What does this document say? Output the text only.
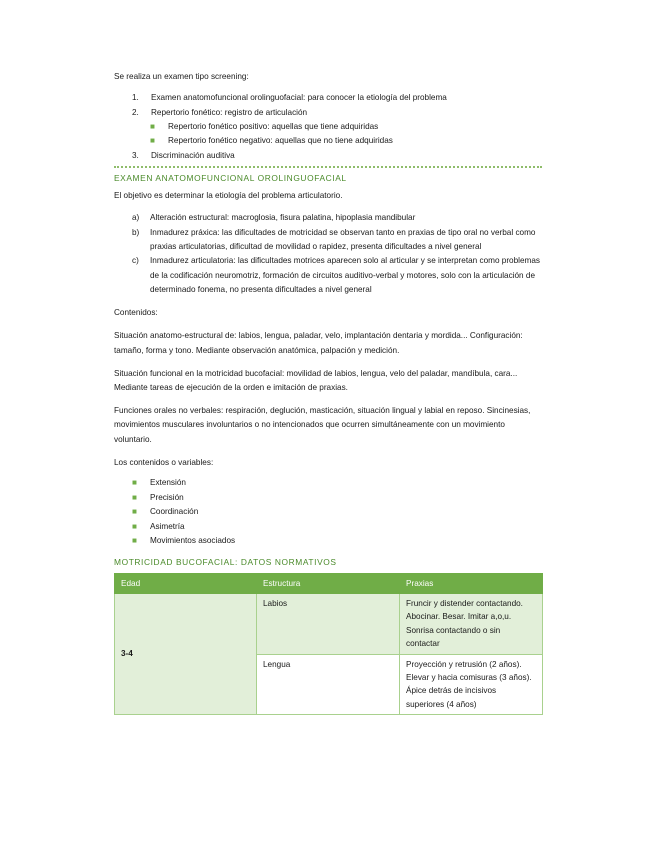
Se realiza un examen tipo screening:

1. Examen anatomofuncional orolinguofacial: para conocer la etiología del problema
2. Repertorio fonético: registro de articulación
■ Repertorio fonético positivo: aquellas que tiene adquiridas
■ Repertorio fonético negativo: aquellas que no tiene adquiridas
3. Discriminación auditiva
EXAMEN ANATOMOFUNCIONAL OROLINGUOFACIAL

El objetivo es determinar la etiología del problema articulatorio.

a) Alteración estructural: macroglosia, fisura palatina, hipoplasia mandibular
b) Inmadurez práxica: las dificultades de motricidad se observan tanto en praxias de tipo oral no verbal como praxias articulatorias, dificultad de movilidad o rapidez, presenta dificultades a nivel general
c) Inmadurez articulatoria: las dificultades motrices aparecen solo al articular y se interpretan como problemas de la codificación neuromotriz, formación de circuitos auditivo-verbal y motores, solo con la articulación de determinado fonema, no presenta dificultades a nivel general

Contenidos:

Situación anatomo-estructural de: labios, lengua, paladar, velo, implantación dentaria y mordida... Configuración: tamaño, forma y tono. Mediante observación anatómica, palpación y medición.

Situación funcional en la motricidad bucofacial: movilidad de labios, lengua, velo del paladar, mandíbula, cara... Mediante tareas de ejecución de la orden e imitación de praxias.

Funciones orales no verbales: respiración, deglución, masticación, situación lingual y labial en reposo. Sincinesias, movimientos musculares involuntarios o no intencionados que ocurren simultáneamente con un movimiento voluntario.

Los contenidos o variables:

■ Extensión
■ Precisión
■ Coordinación
■ Asimetría
■ Movimientos asociados
MOTRICIDAD BUCOFACIAL: DATOS NORMATIVOS
Edad	Estructura	Praxias
3-4	Labios	Fruncir y distender contactando. Abocinar. Besar. Imitar a,o,u. Sonrisa contactando o sin contactar
	Lengua	Proyección y retrusión (2 años). Elevar y hacia comisuras (3 años). Ápice detrás de incisivos superiores (4 años)
